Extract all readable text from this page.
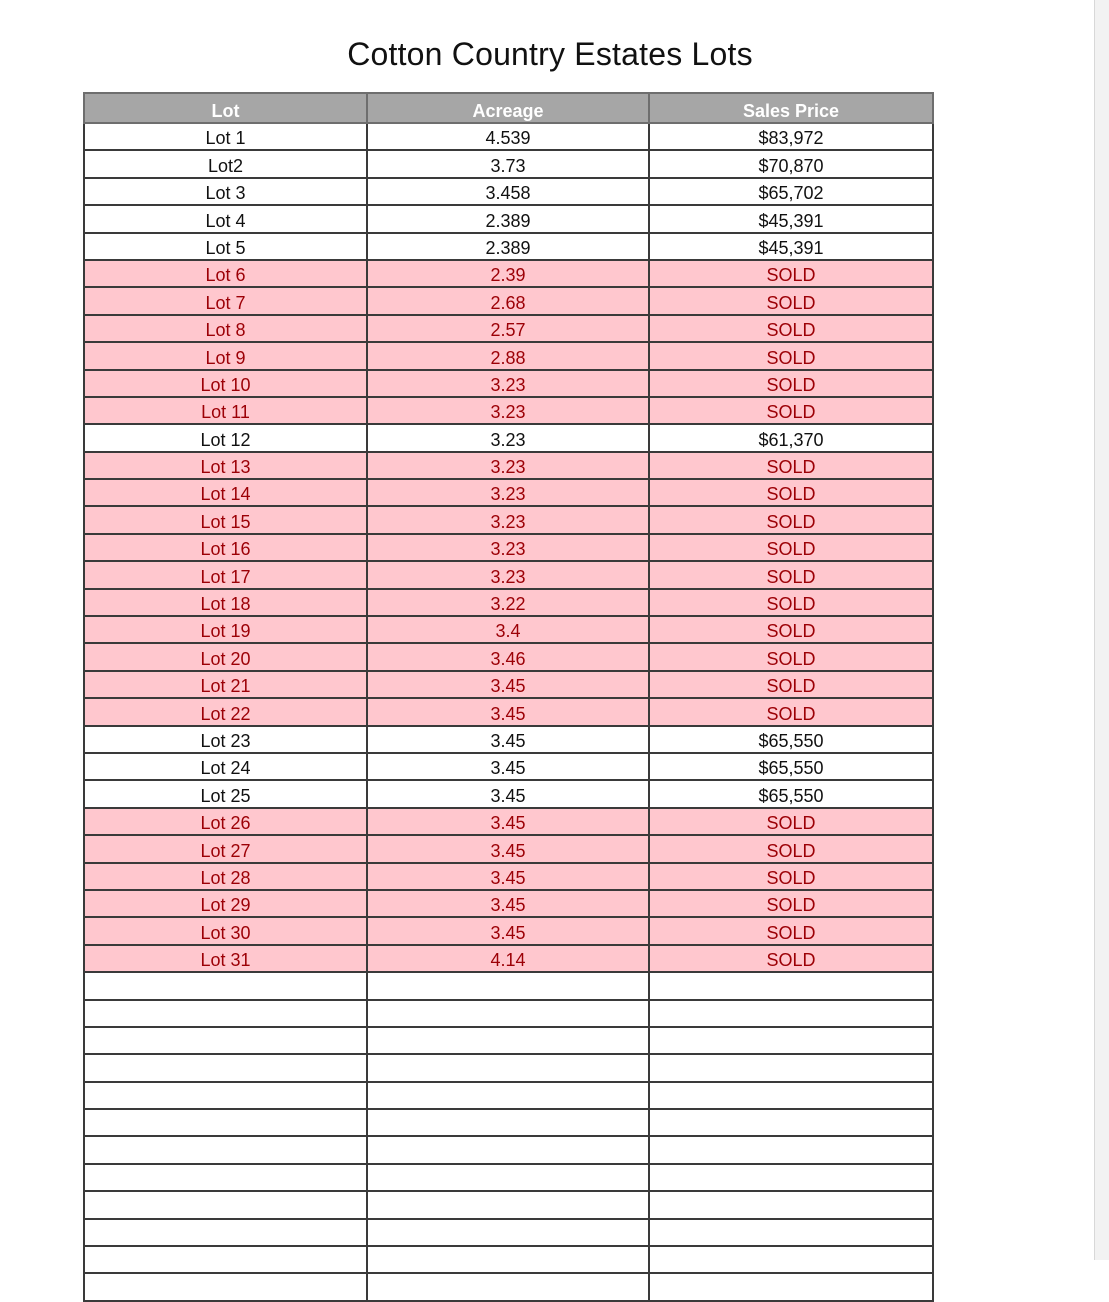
Cotton Country Estates Lots
Lot	Acreage	Sales Price
Lot 1	4.539	$83,972
Lot2	3.73	$70,870
Lot 3	3.458	$65,702
Lot 4	2.389	$45,391
Lot 5	2.389	$45,391
Lot 6	2.39	SOLD
Lot 7	2.68	SOLD
Lot 8	2.57	SOLD
Lot 9	2.88	SOLD
Lot 10	3.23	SOLD
Lot 11	3.23	SOLD
Lot 12	3.23	$61,370
Lot 13	3.23	SOLD
Lot 14	3.23	SOLD
Lot 15	3.23	SOLD
Lot 16	3.23	SOLD
Lot 17	3.23	SOLD
Lot 18	3.22	SOLD
Lot 19	3.4	SOLD
Lot 20	3.46	SOLD
Lot 21	3.45	SOLD
Lot 22	3.45	SOLD
Lot 23	3.45	$65,550
Lot 24	3.45	$65,550
Lot 25	3.45	$65,550
Lot 26	3.45	SOLD
Lot 27	3.45	SOLD
Lot 28	3.45	SOLD
Lot 29	3.45	SOLD
Lot 30	3.45	SOLD
Lot 31	4.14	SOLD
